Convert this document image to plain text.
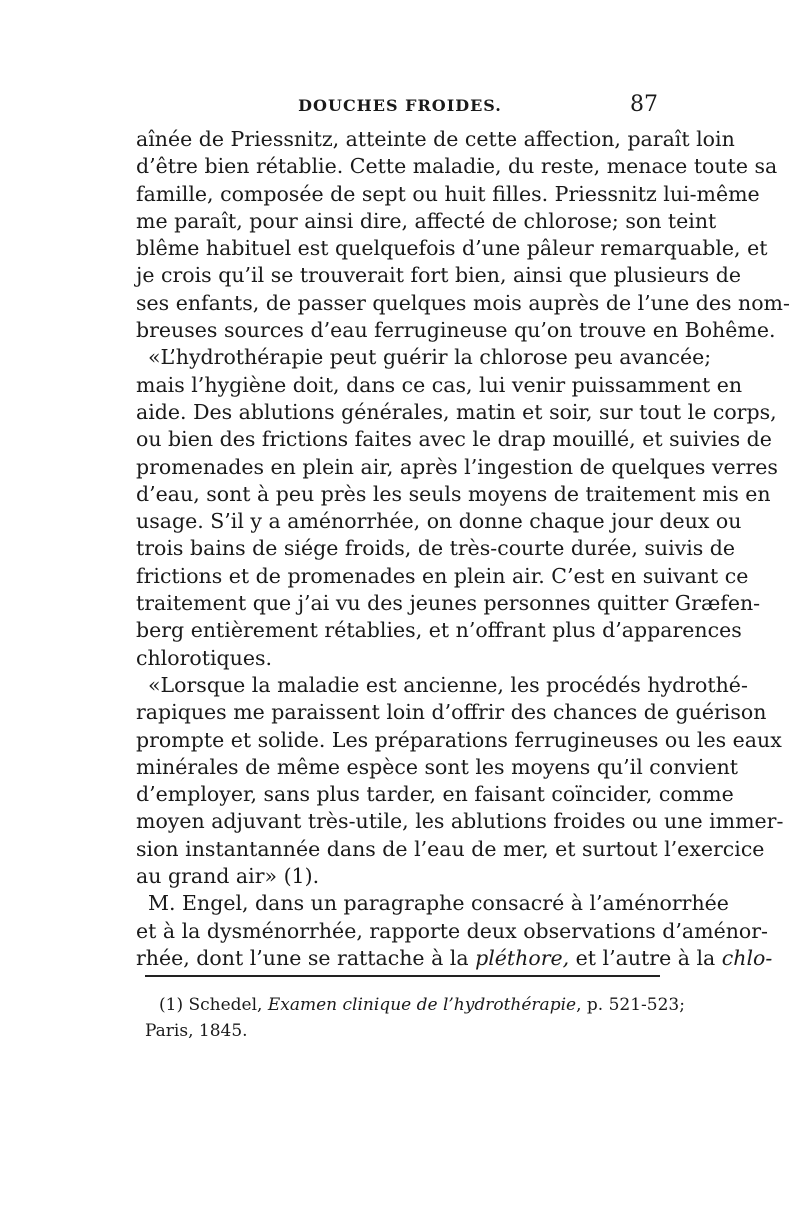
DOUCHES FROIDES.	87
aînée de Priessnitz, atteinte de cette affection, paraît loin
d’être bien rétablie. Cette maladie, du reste, menace toute sa
famille, composée de sept ou huit filles. Priessnitz lui-même
me paraît, pour ainsi dire, affecté de chlorose; son teint
blême habituel est quelquefois d’une pâleur remarquable, et
je crois qu’il se trouverait fort bien, ainsi que plusieurs de
ses enfants, de passer quelques mois auprès de l’une des nom-
breuses sources d’eau ferrugineuse qu’on trouve en Bohême.
«L’hydrothérapie peut guérir la chlorose peu avancée;
mais l’hygiène doit, dans ce cas, lui venir puissamment en
aide. Des ablutions générales, matin et soir, sur tout le corps,
ou bien des frictions faites avec le drap mouillé, et suivies de
promenades en plein air, après l’ingestion de quelques verres
d’eau, sont à peu près les seuls moyens de traitement mis en
usage. S’il y a aménorrhée, on donne chaque jour deux ou
trois bains de siége froids, de très-courte durée, suivis de
frictions et de promenades en plein air. C’est en suivant ce
traitement que j’ai vu des jeunes personnes quitter Græfen-
berg entièrement rétablies, et n’offrant plus d’apparences
chlorotiques.
«Lorsque la maladie est ancienne, les procédés hydrothé-
rapiques me paraissent loin d’offrir des chances de guérison
prompte et solide. Les préparations ferrugineuses ou les eaux
minérales de même espèce sont les moyens qu’il convient
d’employer, sans plus tarder, en faisant coïncider, comme
moyen adjuvant très-utile, les ablutions froides ou une immer-
sion instantannée dans de l’eau de mer, et surtout l’exercice
au grand air» (1).
M. Engel, dans un paragraphe consacré à l’aménorrhée
et à la dysménorrhée, rapporte deux observations d’aménor-
rhée, dont l’une se rattache à la pléthore, et l’autre à la chlo-
(1) Schedel, Examen clinique de l’hydrothérapie, p. 521-523;
Paris, 1845.
